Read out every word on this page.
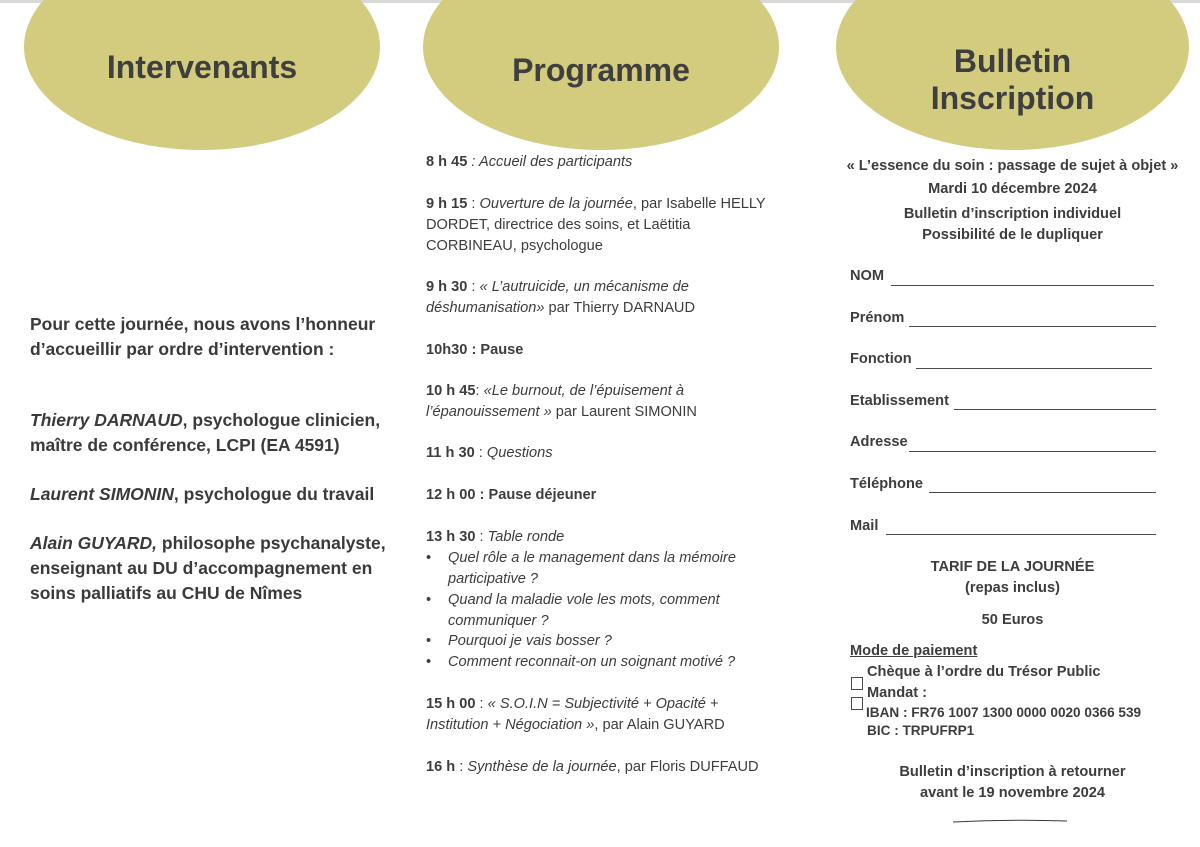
Intervenants
Pour cette journée, nous avons l’honneur
d’accueillir par ordre d’intervention :
Thierry DARNAUD, psychologue clinicien,
maître de conférence, LCPI (EA 4591)
Laurent SIMONIN, psychologue du travail
Alain GUYARD, philosophe psychanalyste,
enseignant au DU d’accompagnement en
soins palliatifs au CHU de Nîmes
Programme
8 h 45 : Accueil des participants
9 h 15 : Ouverture de la journée, par Isabelle HELLY
DORDET, directrice des soins, et Laëtitia
CORBINEAU, psychologue
9 h 30 : « L’autruicide, un mécanisme de
déshumanisation» par Thierry DARNAUD
10h30 : Pause
10 h 45: «Le burnout, de l’épuisement à
l’épanouissement » par Laurent SIMONIN
11 h 30 : Questions
12 h 00 : Pause déjeuner
13 h 30 : Table ronde
• Quel rôle a le management dans la mémoire
participative ?
• Quand la maladie vole les mots, comment
communiquer ?
• Pourquoi je vais bosser ?
• Comment reconnait-on un soignant motivé ?
15 h 00 : « S.O.I.N = Subjectivité + Opacité +
Institution + Négociation », par Alain GUYARD
16 h : Synthèse de la journée, par Floris DUFFAUD
Bulletin
Inscription
« L’essence du soin : passage de sujet à objet »
Mardi 10 décembre 2024
Bulletin d’inscription individuel
Possibilité de le dupliquer
NOM
Prénom
Fonction
Etablissement
Adresse
Téléphone
Mail
TARIF DE LA JOURNÉE
(repas inclus)
50 Euros
Mode de paiement
Chèque à l’ordre du Trésor Public
Mandat :
IBAN : FR76 1007 1300 0000 0020 0366 539
BIC : TRPUFRP1
Bulletin d’inscription à retourner
avant le 19 novembre 2024
